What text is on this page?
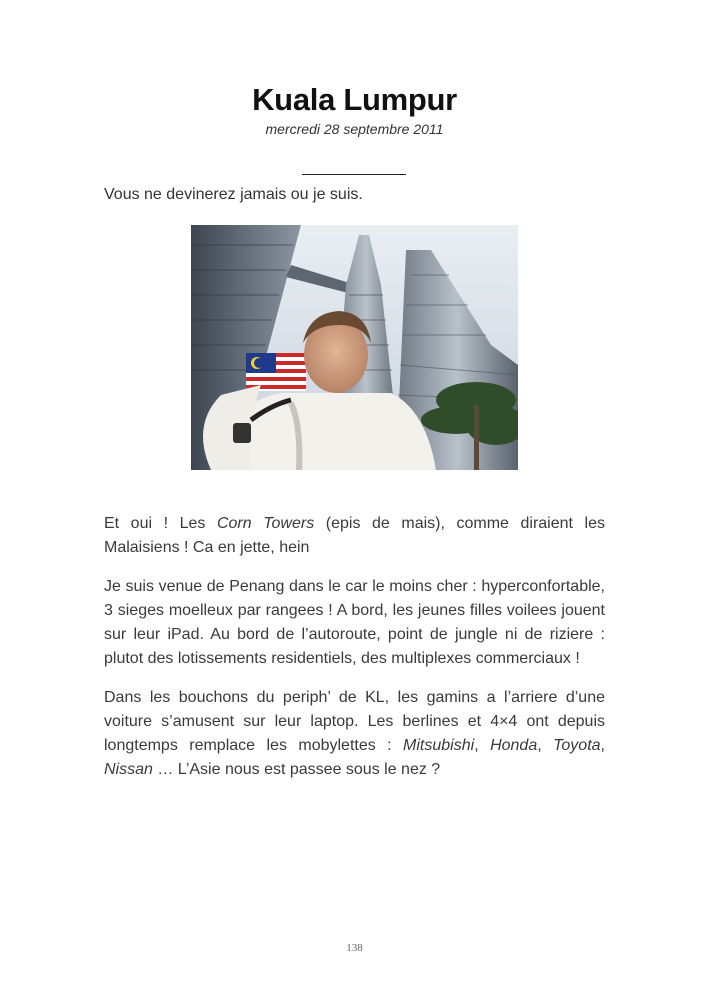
Kuala Lumpur
mercredi 28 septembre 2011
Vous ne devinerez jamais ou je suis.

Et oui ! Les Corn Towers (epis de mais), comme diraient les Malaisiens ! Ca en jette, hein

Je suis venue de Penang dans le car le moins cher : hyperconfortable, 3 sieges moelleux par rangees ! A bord, les jeunes filles voilees jouent sur leur iPad. Au bord de l’autoroute, point de jungle ni de riziere : plutot des lotissements residentiels, des multiplexes commerciaux !

Dans les bouchons du periph’ de KL, les gamins a l’arriere d’une voiture s’amusent sur leur laptop. Les berlines et 4×4 ont depuis longtemps remplace les mobylettes : Mitsubishi, Honda, Toyota, Nissan … L’Asie nous est passee sous le nez ?

138
